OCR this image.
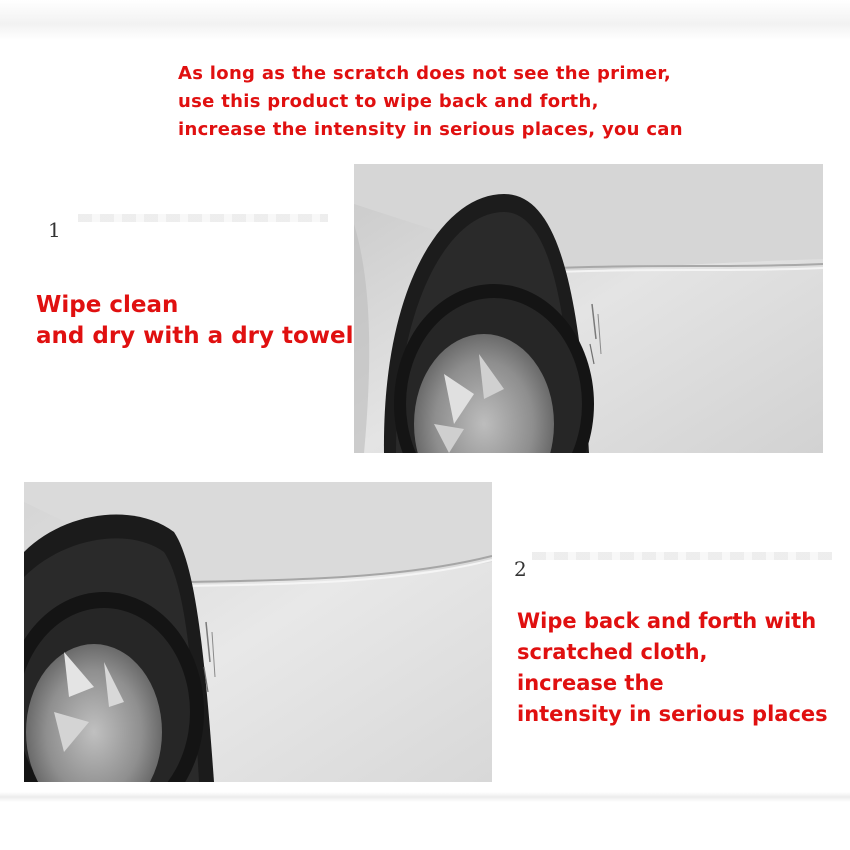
As long as the scratch does not see the primer,
use this product to wipe back and forth,
increase the intensity in serious places, you can
1
Wipe clean
and dry with a dry towel
2
Wipe back and forth with
scratched cloth,
increase the
intensity in serious places
